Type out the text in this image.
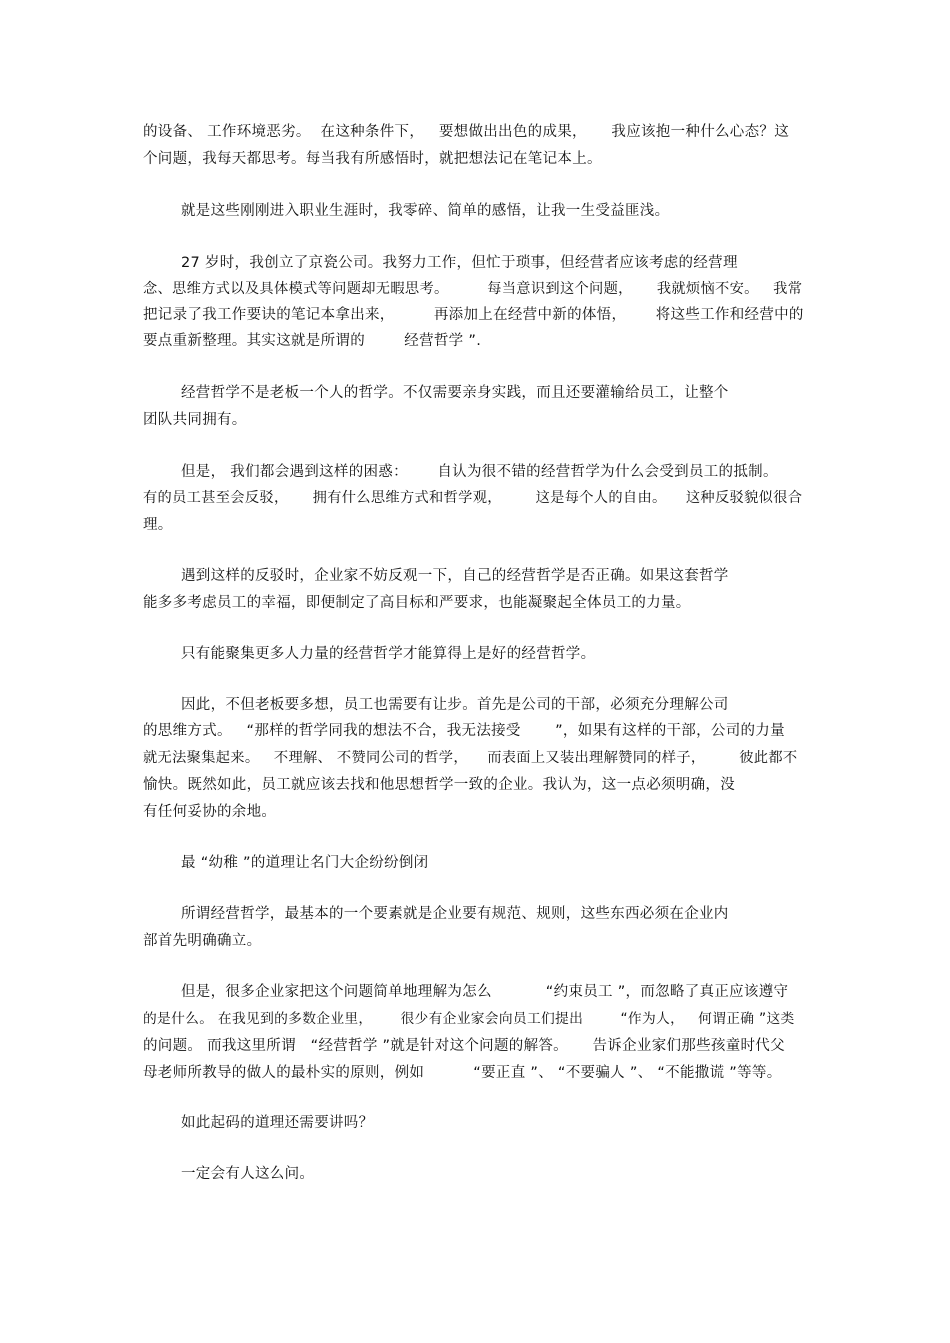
的设备、 工作环境恶劣。  在这种条件下，   要想做出出色的成果，     我应该抱一种什么心态？这
个问题，我每天都思考。每当我有所感悟时，就把想法记在笔记本上。
就是这些刚刚进入职业生涯时，我零碎、简单的感悟，让我一生受益匪浅。
27 岁时，我创立了京瓷公司。我努力工作，但忙于琐事，但经营者应该考虑的经营理
念、思维方式以及具体模式等问题却无暇思考。        每当意识到这个问题，     我就烦恼不安。   我常
把记录了我工作要诀的笔记本拿出来，        再添加上在经营中新的体悟，      将这些工作和经营中的
要点重新整理。其实这就是所谓的        经营哲学 ”.
经营哲学不是老板一个人的哲学。不仅需要亲身实践，而且还要灌输给员工，让整个
团队共同拥有。
但是， 我们都会遇到这样的困惑：      自认为很不错的经营哲学为什么会受到员工的抵制。
有的员工甚至会反驳，     拥有什么思维方式和哲学观，       这是每个人的自由。    这种反驳貌似很合
理。
遇到这样的反驳时，企业家不妨反观一下，自己的经营哲学是否正确。如果这套哲学
能多多考虑员工的幸福，即便制定了高目标和严要求，也能凝聚起全体员工的力量。
只有能聚集更多人力量的经营哲学才能算得上是好的经营哲学。
因此，不但老板要多想，员工也需要有让步。首先是公司的干部，必须充分理解公司
的思维方式。   “那样的哲学同我的想法不合，我无法接受       ”，如果有这样的干部，公司的力量
就无法聚集起来。   不理解、 不赞同公司的哲学，    而表面上又装出理解赞同的样子，       彼此都不
愉快。既然如此，员工就应该去找和他思想哲学一致的企业。我认为，这一点必须明确，没
有任何妥协的余地。
最 “幼稚 ”的道理让名门大企纷纷倒闭
所谓经营哲学，最基本的一个要素就是企业要有规范、规则，这些东西必须在企业内
部首先明确确立。
但是，很多企业家把这个问题简单地理解为怎么           “约束员工 ”，而忽略了真正应该遵守
的是什么。 在我见到的多数企业里，      很少有企业家会向员工们提出        “作为人，   何谓正确 ”这类
的问题。 而我这里所谓   “经营哲学 ”就是针对这个问题的解答。     告诉企业家们那些孩童时代父
母老师所教导的做人的最朴实的原则，例如          “要正直 ”、 “不要骗人 ”、 “不能撒谎 ”等等。
如此起码的道理还需要讲吗？
一定会有人这么问。
